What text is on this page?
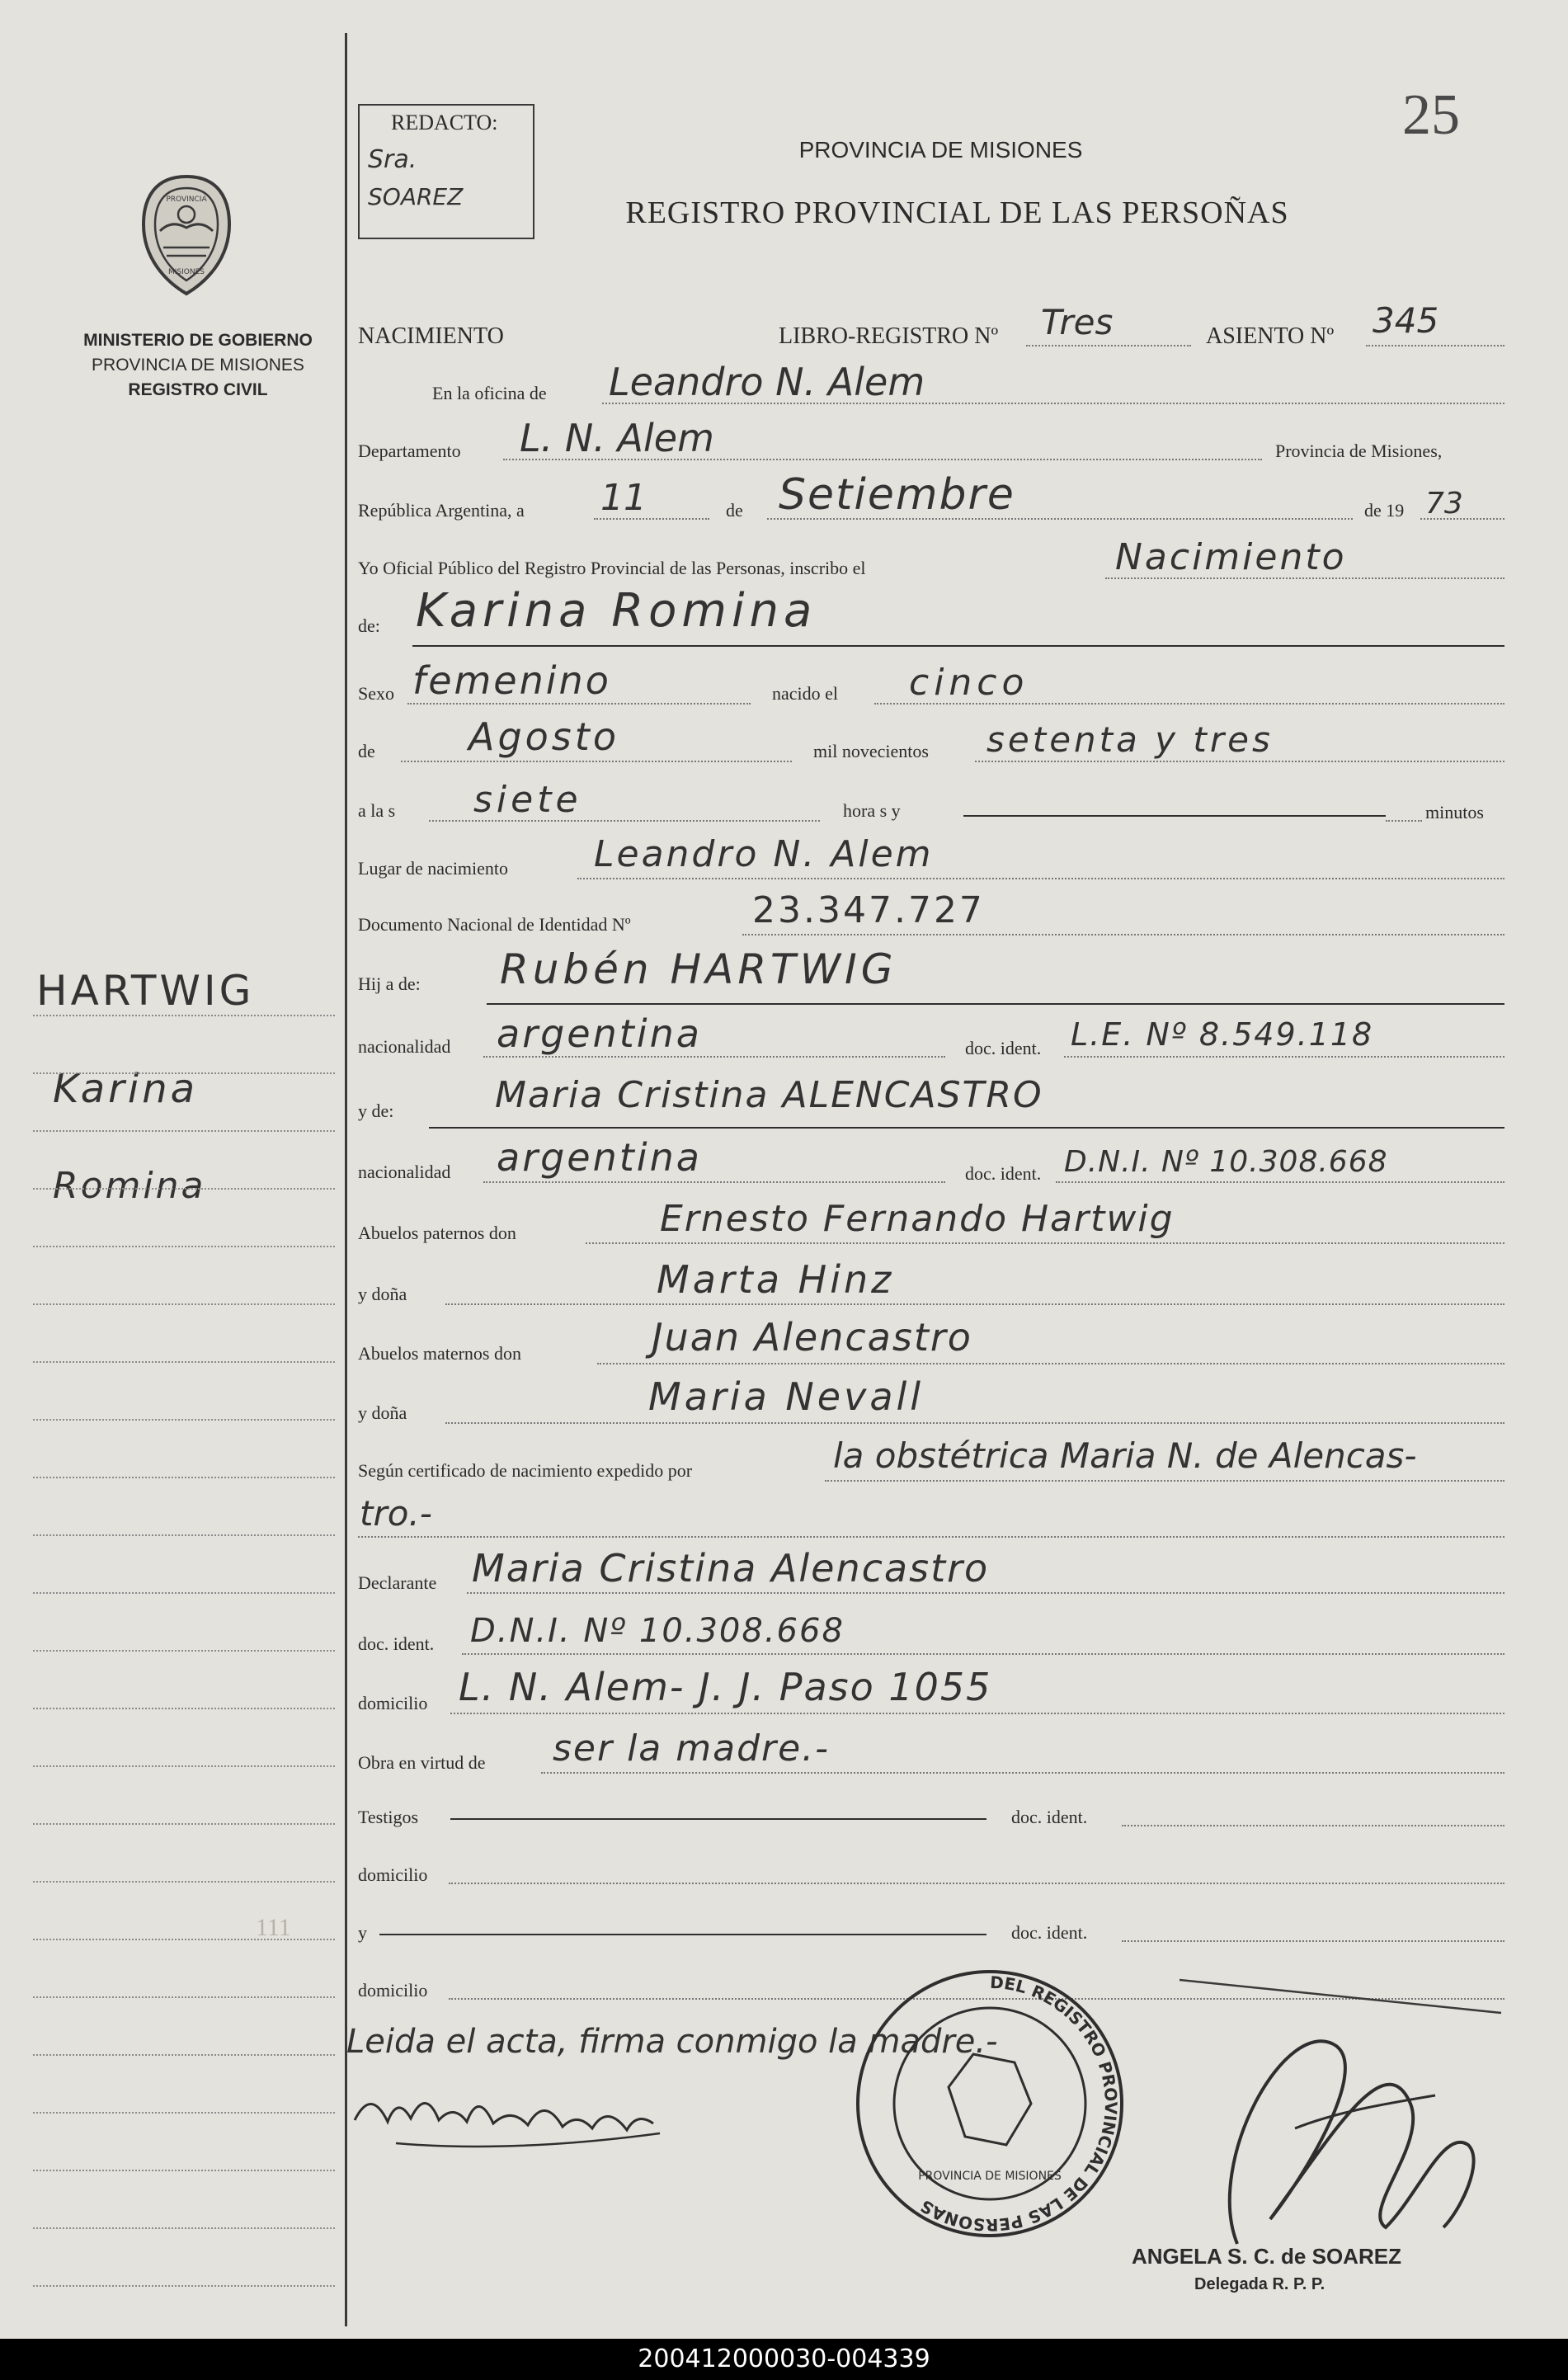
25
REDACTO:
Sra.
SOAREZ
PROVINCIA DE MISIONES
REGISTRO PROVINCIAL DE LAS PERSOÑAS
PROVINCIA
MISIONES
MINISTERIO DE GOBIERNO
PROVINCIA DE MISIONES
REGISTRO CIVIL
HARTWIG
Karina
Romina
111
NACIMIENTO	LIBRO-REGISTRO Nº Tres	ASIENTO Nº 345
En la oficina de Leandro N. Alem
Departamento L. N. Alem	Provincia de Misiones,
República Argentina, a 11	de Setiembre	de 19 73
Yo Oficial Público del Registro Provincial de las Personas, inscribo el	Nacimiento
de: Karina Romina
Sexo femenino	nacido el cinco
de Agosto	mil novecientos setenta y tres
a la s siete	hora s y	minutos
Lugar de nacimiento Leandro N. Alem
Documento Nacional de Identidad Nº	23.347.727
Hij a de: Rubén HARTWIG
nacionalidad argentina	doc. ident. L.E. Nº 8.549.118
y de:	Maria Cristina ALENCASTRO
nacionalidad argentina	doc. ident. D.N.I. Nº 10.308.668
Abuelos paternos don	Ernesto Fernando Hartwig
y doña	Marta Hinz
Abuelos maternos don	Juan Alencastro
y doña	Maria Nevall
Según certificado de nacimiento expedido por	la obstétrica Maria N. de Alencas-
tro.-
Declarante Maria Cristina Alencastro
doc. ident. D.N.I. Nº 10.308.668
domicilio L. N. Alem- J. J. Paso 1055
Obra en virtud de ser la madre.-
Testigos	doc. ident.
domicilio
y	doc. ident.
domicilio
Leida el acta, firma conmigo la madre.-
DEL REGISTRO PROVINCIAL DE LAS PERSONAS
PROVINCIA DE MISIONES
ANGELA S. C. de SOAREZ
Delegada R. P. P.
200412000030-004339
